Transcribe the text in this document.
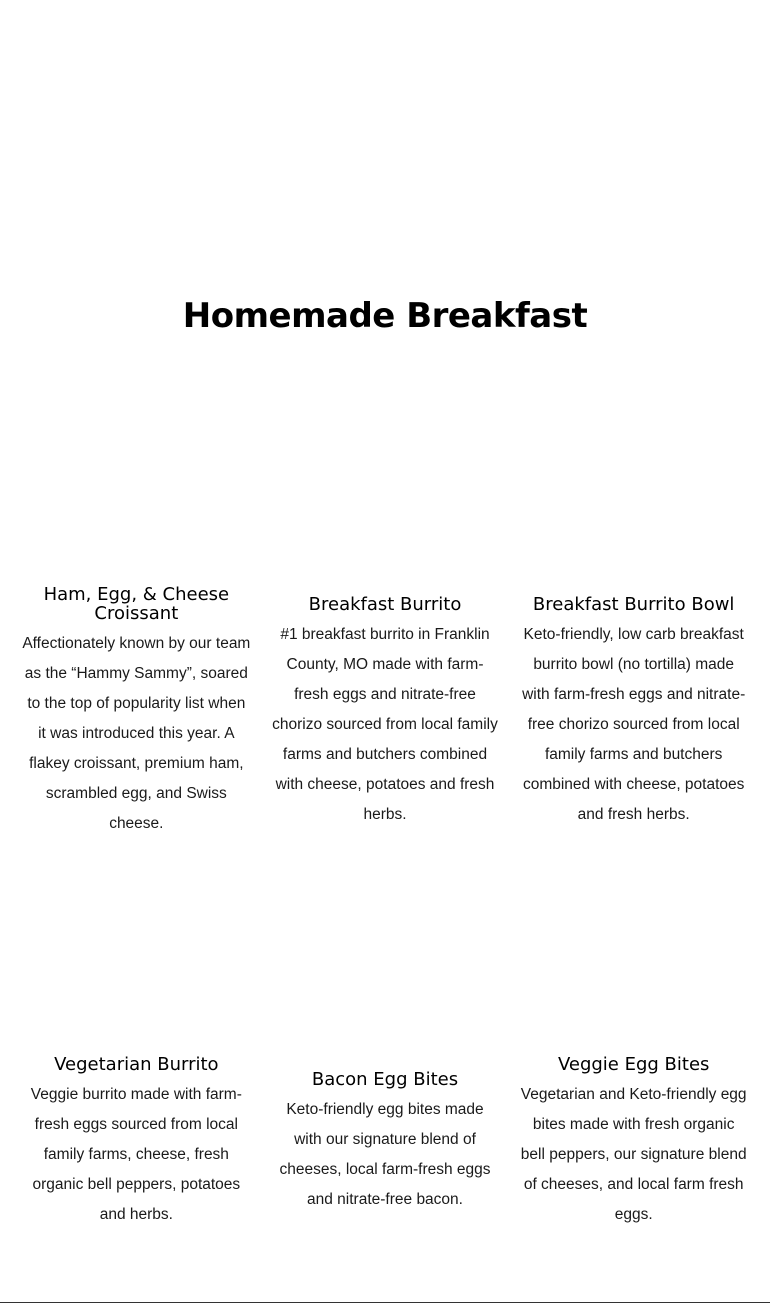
Homemade Breakfast
Ham, Egg, & Cheese Croissant

Affectionately known by our team as the “Hammy Sammy”, soared to the top of popularity list when it was introduced this year. A flakey croissant, premium ham, scrambled egg, and Swiss cheese.

Breakfast Burrito

#1 breakfast burrito in Franklin County, MO made with farm-fresh eggs and nitrate-free chorizo sourced from local family farms and butchers combined with cheese, potatoes and fresh herbs.

Breakfast Burrito Bowl

Keto-friendly, low carb breakfast burrito bowl (no tortilla) made with farm-fresh eggs and nitrate-free chorizo sourced from local family farms and butchers combined with cheese, potatoes and fresh herbs.

Vegetarian Burrito

Veggie burrito made with farm-fresh eggs sourced from local family farms, cheese, fresh organic bell peppers, potatoes and herbs.

Bacon Egg Bites

Keto-friendly egg bites made with our signature blend of cheeses, local farm-fresh eggs and nitrate-free bacon.

Veggie Egg Bites

Vegetarian and Keto-friendly egg bites made with fresh organic bell peppers, our signature blend of cheeses, and local farm fresh eggs.
